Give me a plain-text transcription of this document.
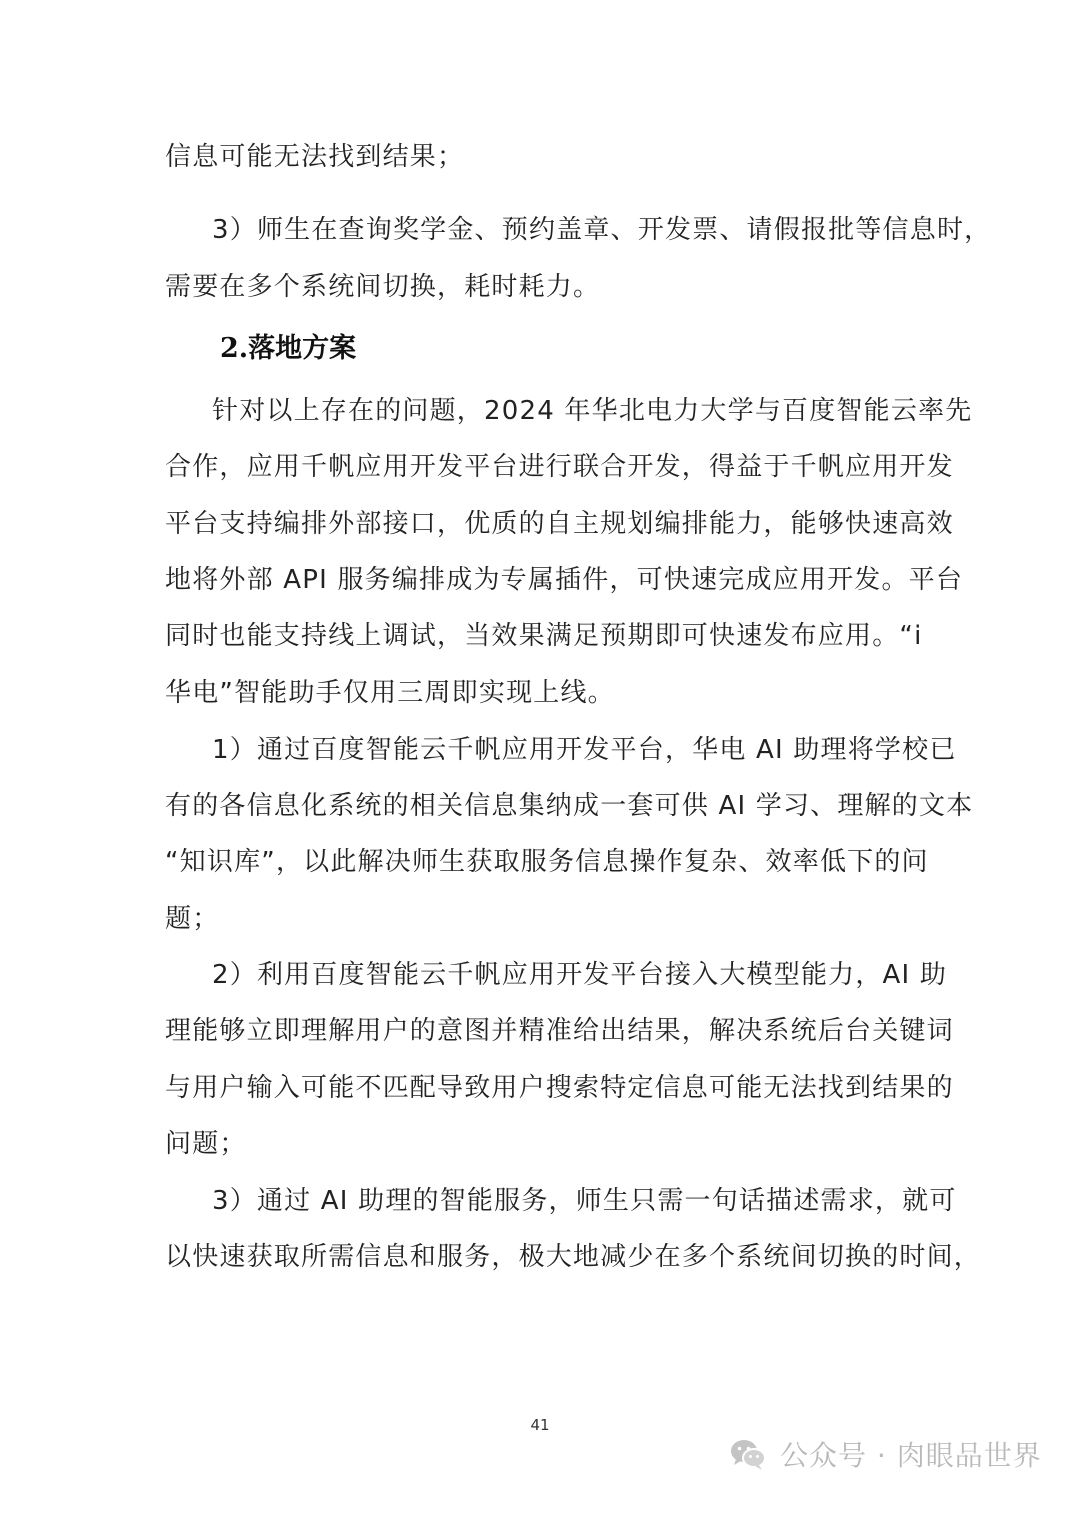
信息可能无法找到结果；
3）师生在查询奖学金、预约盖章、开发票、请假报批等信息时，
需要在多个系统间切换，耗时耗力。
2.落地方案
针对以上存在的问题，2024 年华北电力大学与百度智能云率先
合作，应用千帆应用开发平台进行联合开发，得益于千帆应用开发
平台支持编排外部接口，优质的自主规划编排能力，能够快速高效
地将外部 API 服务编排成为专属插件，可快速完成应用开发。平台
同时也能支持线上调试，当效果满足预期即可快速发布应用。“i
华电”智能助手仅用三周即实现上线。
1）通过百度智能云千帆应用开发平台，华电 AI 助理将学校已
有的各信息化系统的相关信息集纳成一套可供 AI 学习、理解的文本
“知识库”，以此解决师生获取服务信息操作复杂、效率低下的问
题；
2）利用百度智能云千帆应用开发平台接入大模型能力，AI 助
理能够立即理解用户的意图并精准给出结果，解决系统后台关键词
与用户输入可能不匹配导致用户搜索特定信息可能无法找到结果的
问题；
3）通过 AI 助理的智能服务，师生只需一句话描述需求，就可
以快速获取所需信息和服务，极大地减少在多个系统间切换的时间，
41
公众号 · 肉眼品世界
